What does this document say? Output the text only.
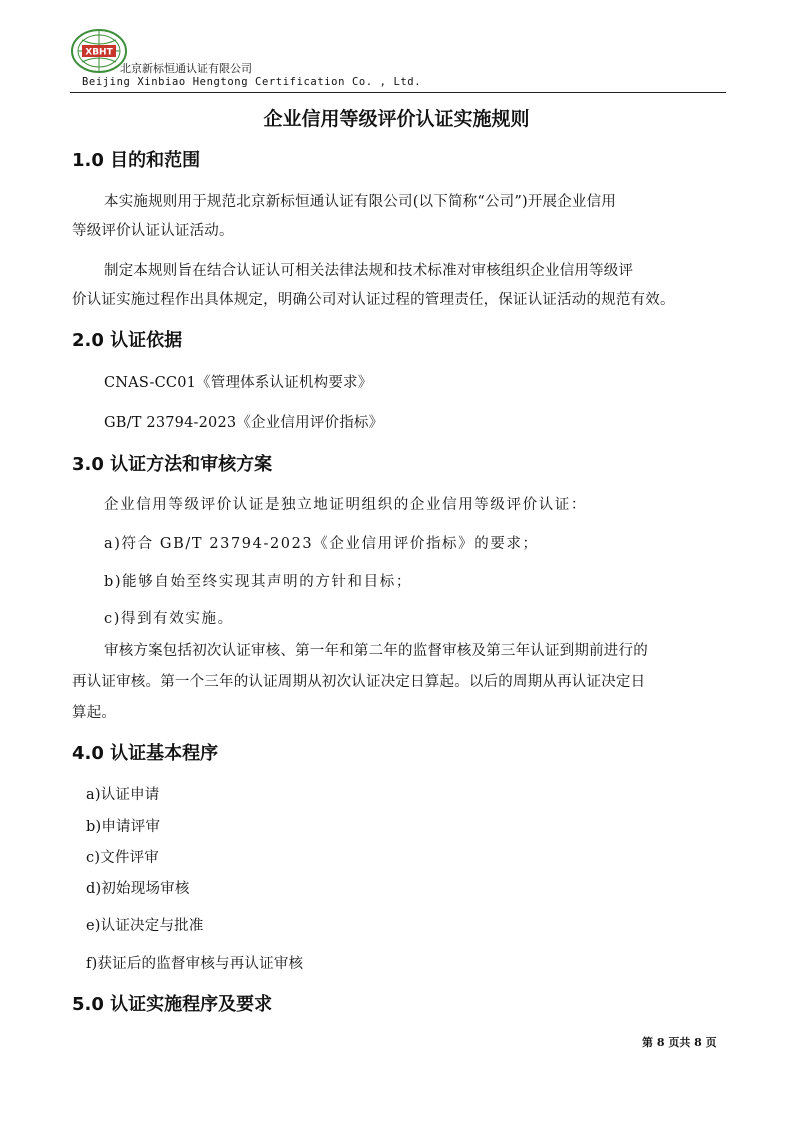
XBHT
北京新标恒通认证有限公司
Beijing Xinbiao Hengtong Certification Co. , Ltd.
企业信用等级评价认证实施规则
1.0 目的和范围
本实施规则用于规范北京新标恒通认证有限公司(以下简称“公司”)开展企业信用
等级评价认证认证活动。
制定本规则旨在结合认证认可相关法律法规和技术标准对审核组织企业信用等级评
价认证实施过程作出具体规定，明确公司对认证过程的管理责任，保证认证活动的规范有效。
2.0 认证依据
CNAS-CC01《管理体系认证机构要求》
GB/T 23794-2023《企业信用评价指标》
3.0 认证方法和审核方案
企业信用等级评价认证是独立地证明组织的企业信用等级评价认证：
a)符合 GB/T 23794-2023《企业信用评价指标》的要求；
b)能够自始至终实现其声明的方针和目标；
c)得到有效实施。
审核方案包括初次认证审核、第一年和第二年的监督审核及第三年认证到期前进行的
再认证审核。第一个三年的认证周期从初次认证决定日算起。以后的周期从再认证决定日
算起。
4.0 认证基本程序
a)认证申请
b)申请评审
c)文件评审
d)初始现场审核
e)认证决定与批准
f)获证后的监督审核与再认证审核
5.0 认证实施程序及要求
第 8 页共 8 页
